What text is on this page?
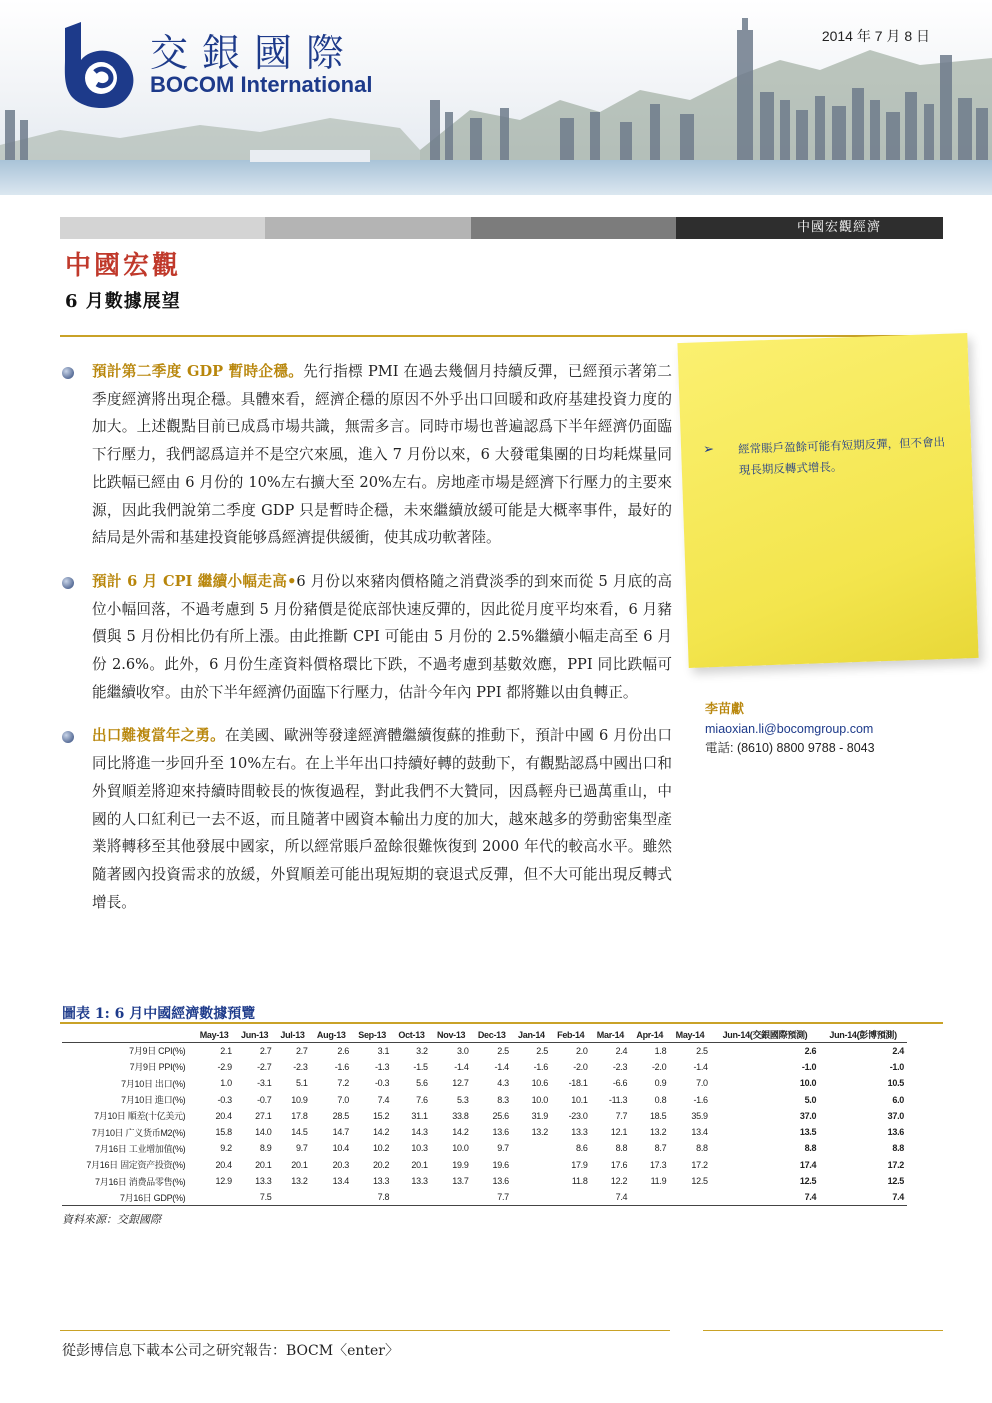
交銀國際
BOCOM International
2014 年 7 月 8 日
中國宏觀經濟
中國宏觀
6 月數據展望
預計第二季度 GDP 暫時企穩。先行指標 PMI 在過去幾個月持續反彈，已經預示著第二季度經濟將出現企穩。具體來看，經濟企穩的原因不外乎出口回暖和政府基建投資力度的加大。上述觀點目前已成爲市場共識，無需多言。同時市場也普遍認爲下半年經濟仍面臨下行壓力，我們認爲這并不是空穴來風，進入 7 月份以來，6 大發電集團的日均耗煤量同比跌幅已經由 6 月份的 10%左右擴大至 20%左右。房地產市場是經濟下行壓力的主要來源，因此我們說第二季度 GDP 只是暫時企穩，未來繼續放緩可能是大概率事件，最好的結局是外需和基建投資能够爲經濟提供緩衝，使其成功軟著陸。
預計 6 月 CPI 繼續小幅走高•6 月份以來豬肉價格隨之消費淡季的到來而從 5 月底的高位小幅回落，不過考慮到 5 月份豬價是從底部快速反彈的，因此從月度平均來看，6 月豬價與 5 月份相比仍有所上漲。由此推斷 CPI 可能由 5 月份的 2.5%繼續小幅走高至 6 月份 2.6%。此外，6 月份生產資料價格環比下跌，不過考慮到基數效應，PPI 同比跌幅可能繼續收窄。由於下半年經濟仍面臨下行壓力，估計今年內 PPI 都將難以由負轉正。
出口難複當年之勇。在美國、歐洲等發達經濟體繼續復蘇的推動下，預計中國 6 月份出口同比將進一步回升至 10%左右。在上半年出口持續好轉的鼓動下，有觀點認爲中國出口和外貿順差將迎來持續時間較長的恢復過程，對此我們不大贊同，因爲輕舟已過萬重山，中國的人口紅利已一去不返，而且隨著中國資本輸出力度的加大，越來越多的勞動密集型產業將轉移至其他發展中國家，所以經常賬戶盈餘很難恢復到 2000 年代的較高水平。雖然隨著國內投資需求的放緩，外貿順差可能出現短期的衰退式反彈，但不大可能出現反轉式增長。
➢ 經常賬戶盈餘可能有短期反彈，但不會出現長期反轉式增長。
李苗獻
miaoxian.li@bocomgroup.com
電話: (8610) 8800 9788 - 8043
圖表 1: 6 月中國經濟數據預覽
	May-13	Jun-13	Jul-13	Aug-13	Sep-13	Oct-13	Nov-13	Dec-13	Jan-14	Feb-14	Mar-14	Apr-14	May-14	Jun-14(交銀國際預測)	Jun-14(彭博預測)
7月9日 CPI(%)	2.1	2.7	2.7	2.6	3.1	3.2	3.0	2.5	2.5	2.0	2.4	1.8	2.5	2.6	2.4
7月9日 PPI(%)	-2.9	-2.7	-2.3	-1.6	-1.3	-1.5	-1.4	-1.4	-1.6	-2.0	-2.3	-2.0	-1.4	-1.0	-1.0
7月10日 出口(%)	1.0	-3.1	5.1	7.2	-0.3	5.6	12.7	4.3	10.6	-18.1	-6.6	0.9	7.0	10.0	10.5
7月10日 進口(%)	-0.3	-0.7	10.9	7.0	7.4	7.6	5.3	8.3	10.0	10.1	-11.3	0.8	-1.6	5.0	6.0
7月10日 順差(十亿美元)	20.4	27.1	17.8	28.5	15.2	31.1	33.8	25.6	31.9	-23.0	7.7	18.5	35.9	37.0	37.0
7月10日 广义货币M2(%)	15.8	14.0	14.5	14.7	14.2	14.3	14.2	13.6	13.2	13.3	12.1	13.2	13.4	13.5	13.6
7月16日 工业增加值(%)	9.2	8.9	9.7	10.4	10.2	10.3	10.0	9.7		8.6	8.8	8.7	8.8	8.8	8.8
7月16日 固定资产投资(%)	20.4	20.1	20.1	20.3	20.2	20.1	19.9	19.6		17.9	17.6	17.3	17.2	17.4	17.2
7月16日 消费品零售(%)	12.9	13.3	13.2	13.4	13.3	13.3	13.7	13.6		11.8	12.2	11.9	12.5	12.5	12.5
7月16日 GDP(%)		7.5			7.8			7.7			7.4			7.4	7.4
資料來源：交銀國際
從彭博信息下載本公司之研究報告：BOCM〈enter〉
